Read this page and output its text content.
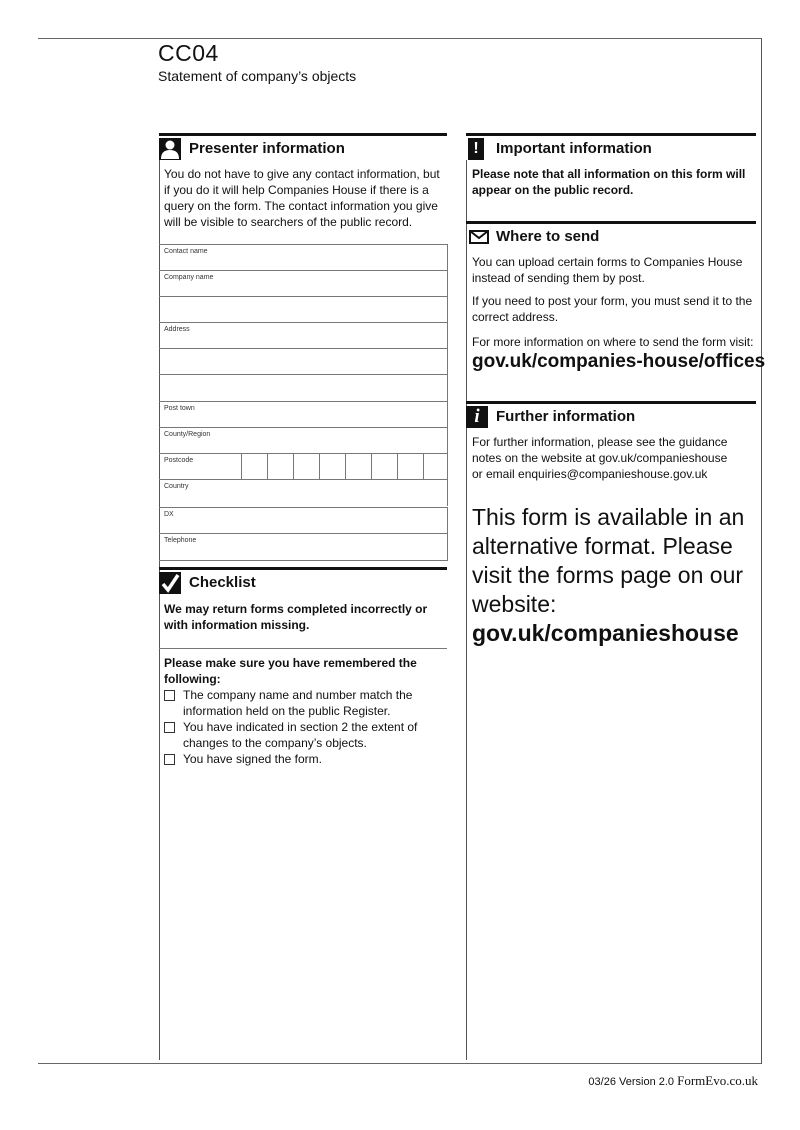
CC04
Statement of company’s objects
Presenter information
You do not have to give any contact information, but if you do it will help Companies House if there is a query on the form. The contact information you give will be visible to searchers of the public record.
Contact name
Company name
Address
Post town
County/Region
Postcode
Country
DX
Telephone
Checklist
We may return forms completed incorrectly or with information missing.
Please make sure you have remembered the following:
The company name and number match the information held on the public Register.
You have indicated in section 2 the extent of changes to the company’s objects.
You have signed the form.
!	Important information
Please note that all information on this form will appear on the public record.
Where to send
You can upload certain forms to Companies House instead of sending them by post.
If you need to post your form, you must send it to the correct address.
For more information on where to send the form visit:
gov.uk/companies-house/offices
i	Further information
For further information, please see the guidance
notes on the website at gov.uk/companieshouse
or email enquiries@companieshouse.gov.uk
This form is available in an alternative format. Please visit the forms page on our website:
gov.uk/companieshouse
03/26 Version 2.0 FormEvo.co.uk
